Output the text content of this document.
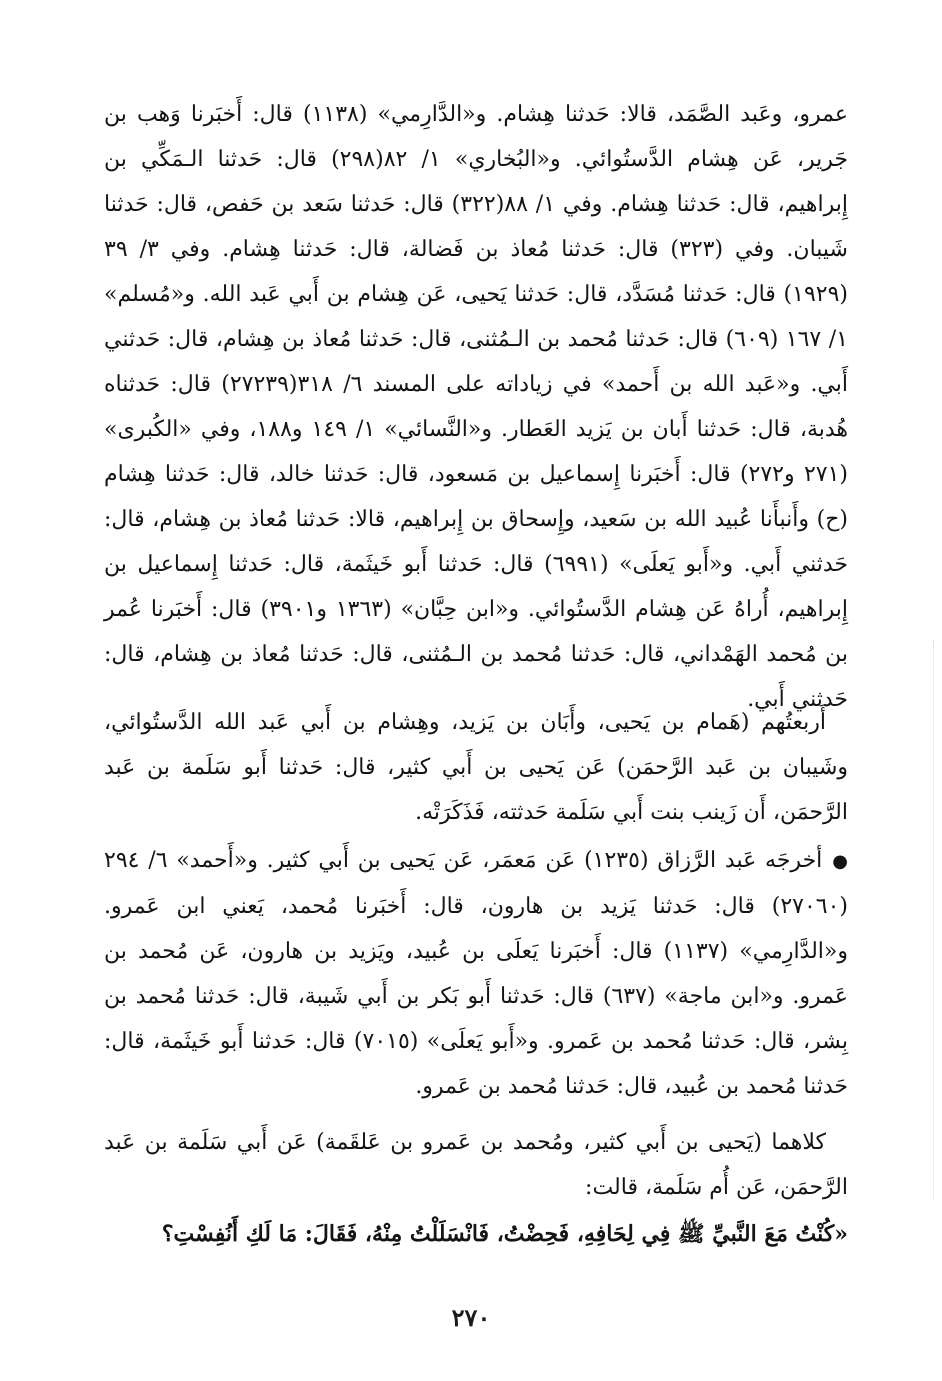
عمرو، وعَبد الصَّمَد، قالا: حَدثنا هِشام. و«الدَّارِمي» (١١٣٨) قال: أَخبَرنا وَهب بن جَرير، عَن هِشام الدَّستُوائي. و«البُخاري» ١/ ٨٢(٢٩٨) قال: حَدثنا الـمَكِّي بن إِبراهيم، قال: حَدثنا هِشام. وفي ١/ ٨٨(٣٢٢) قال: حَدثنا سَعد بن حَفص، قال: حَدثنا شَيبان. وفي (٣٢٣) قال: حَدثنا مُعاذ بن فَضالة، قال: حَدثنا هِشام. وفي ٣/ ٣٩ (١٩٢٩) قال: حَدثنا مُسَدَّد، قال: حَدثنا يَحيى، عَن هِشام بن أَبي عَبد الله. و«مُسلم» ١/ ١٦٧ (٦٠٩) قال: حَدثنا مُحمد بن الـمُثنى، قال: حَدثنا مُعاذ بن هِشام، قال: حَدثني أَبي. و«عَبد الله بن أَحمد» في زياداته على المسند ٦/ ٣١٨(٢٧٢٣٩) قال: حَدثناه هُدبة، قال: حَدثنا أَبان بن يَزيد العَطار. و«النَّسائي» ١/ ١٤٩ و١٨٨، وفي «الكُبرى» (٢٧١ و٢٧٢) قال: أَخبَرنا إِسماعيل بن مَسعود، قال: حَدثنا خالد، قال: حَدثنا هِشام (ح) وأَنبأَنا عُبيد الله بن سَعيد، وإِسحاق بن إِبراهيم، قالا: حَدثنا مُعاذ بن هِشام، قال: حَدثني أَبي. و«أَبو يَعلَى» (٦٩٩١) قال: حَدثنا أَبو خَيثَمة، قال: حَدثنا إِسماعيل بن إِبراهيم، أُراهُ عَن هِشام الدَّستُوائي. و«ابن حِبَّان» (١٣٦٣ و٣٩٠١) قال: أَخبَرنا عُمر بن مُحمد الهَمْداني، قال: حَدثنا مُحمد بن الـمُثنى، قال: حَدثنا مُعاذ بن هِشام، قال: حَدثني أَبي.

أَربعتُهم (هَمام بن يَحيى، وأَبَان بن يَزيد، وهِشام بن أَبي عَبد الله الدَّستُوائي، وشَيبان بن عَبد الرَّحمَن) عَن يَحيى بن أَبي كثير، قال: حَدثنا أَبو سَلَمة بن عَبد الرَّحمَن، أَن زَينب بنت أَبي سَلَمة حَدثته، فَذَكَرَتْه.

●أخرجَه عَبد الرَّزاق (١٢٣٥) عَن مَعمَر، عَن يَحيى بن أَبي كثير. و«أَحمد» ٦/ ٢٩٤ (٢٧٠٦٠) قال: حَدثنا يَزيد بن هارون، قال: أَخبَرنا مُحمد، يَعني ابن عَمرو. و«الدَّارِمي» (١١٣٧) قال: أَخبَرنا يَعلَى بن عُبيد، ويَزيد بن هارون، عَن مُحمد بن عَمرو. و«ابن ماجة» (٦٣٧) قال: حَدثنا أَبو بَكر بن أَبي شَيبة، قال: حَدثنا مُحمد بن بِشر، قال: حَدثنا مُحمد بن عَمرو. و«أَبو يَعلَى» (٧٠١٥) قال: حَدثنا أَبو خَيثَمة، قال: حَدثنا مُحمد بن عُبيد، قال: حَدثنا مُحمد بن عَمرو.

كلاهما (يَحيى بن أَبي كثير، ومُحمد بن عَمرو بن عَلقَمة) عَن أَبي سَلَمة بن عَبد الرَّحمَن، عَن أُم سَلَمة، قالت:

«كُنْتُ مَعَ النَّبيِّ ﷺ فِي لِحَافِهِ، فَحِضْتُ، فَانْسَلَلْتُ مِنْهُ، فَقَالَ: مَا لَكِ أَنُفِسْتِ؟

٢٧٠
